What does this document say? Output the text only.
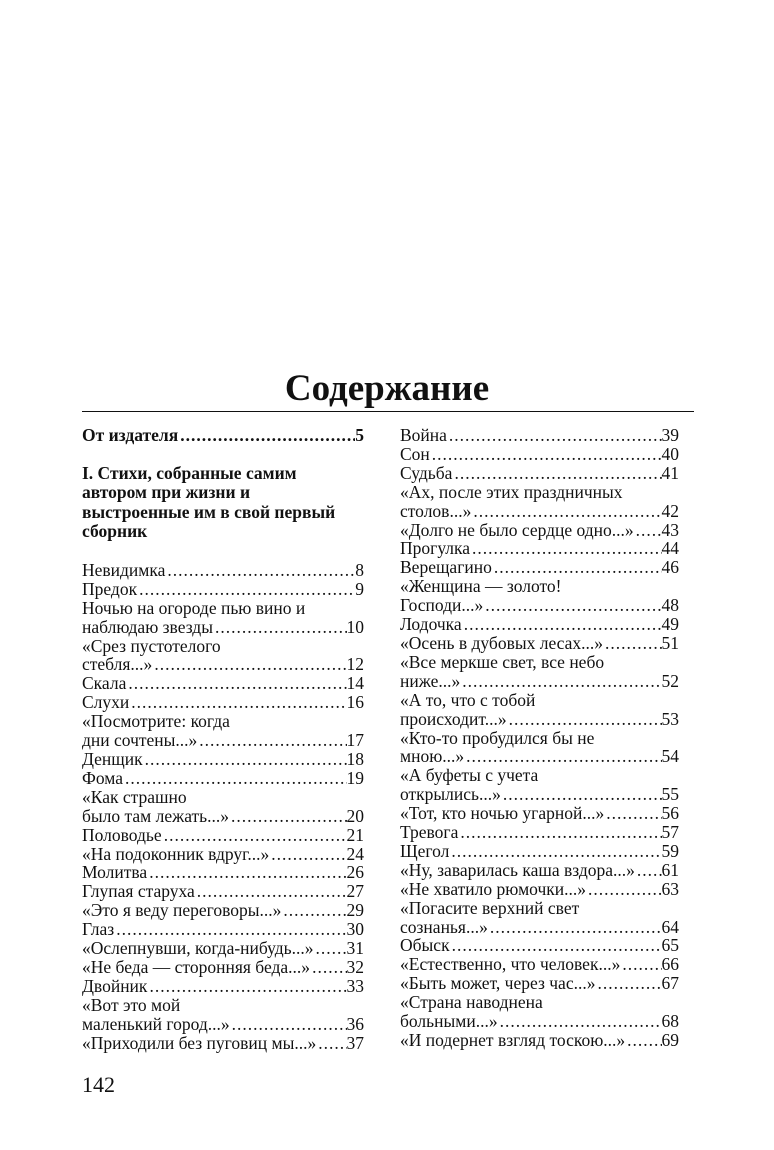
Содержание
От издателя .....	5
I. Стихи, собранные самим автором при жизни и выстроенные им в свой первый сборник
Невидимка .....	8
Предок .....	9
Ночью на огороде пью вино и
наблюдаю звезды .....	10
«Срез пустотелого
стебля...» .....	12
Скала .....	14
Слухи .....	16
«Посмотрите: когда
дни сочтены...» .....	17
Денщик .....	18
Фома .....	19
«Как страшно
было там лежать...» .....	20
Половодье .....	21
«На подоконник вдруг...» .....	24
Молитва .....	26
Глупая старуха .....	27
«Это я веду переговоры...» .....	29
Глаз .....	30
«Ослепнувши, когда-нибудь...» ..... 31
«Не беда — сторонняя беда...» ..... 32
Двойник .....	33
«Вот это мой
маленький город...» .....	36
«Приходили без пуговиц мы...» ..... 37
Война .....	39
Сон .....	40
Судьба .....	41
«Ах, после этих праздничных
столов...» .....	42
«Долго не было сердце одно...» ..... 43
Прогулка .....	44
Верещагино .....	46
«Женщина — золото!
Господи...» .....	48
Лодочка .....	49
«Осень в дубовых лесах...» .....	51
«Все меркше свет, все небо
ниже...» .....	52
«А то, что с тобой
происходит...» .....	53
«Кто-то пробудился бы не
мною...» .....	54
«А буфеты с учета
открылись...» .....	55
«Тот, кто ночью угарной...» .....	56
Тревога .....	57
Щегол .....	59
«Ну, заварилась каша вздора...» ..... 61
«Не хватило рюмочки...» .....	63
«Погасите верхний свет
сознанья...» .....	64
Обыск .....	65
«Естественно, что человек...» ..... 66
«Быть может, через час...» .....	67
«Страна наводнена
больными...» .....	68
«И подернет взгляд тоскою...» ..... 69
142
